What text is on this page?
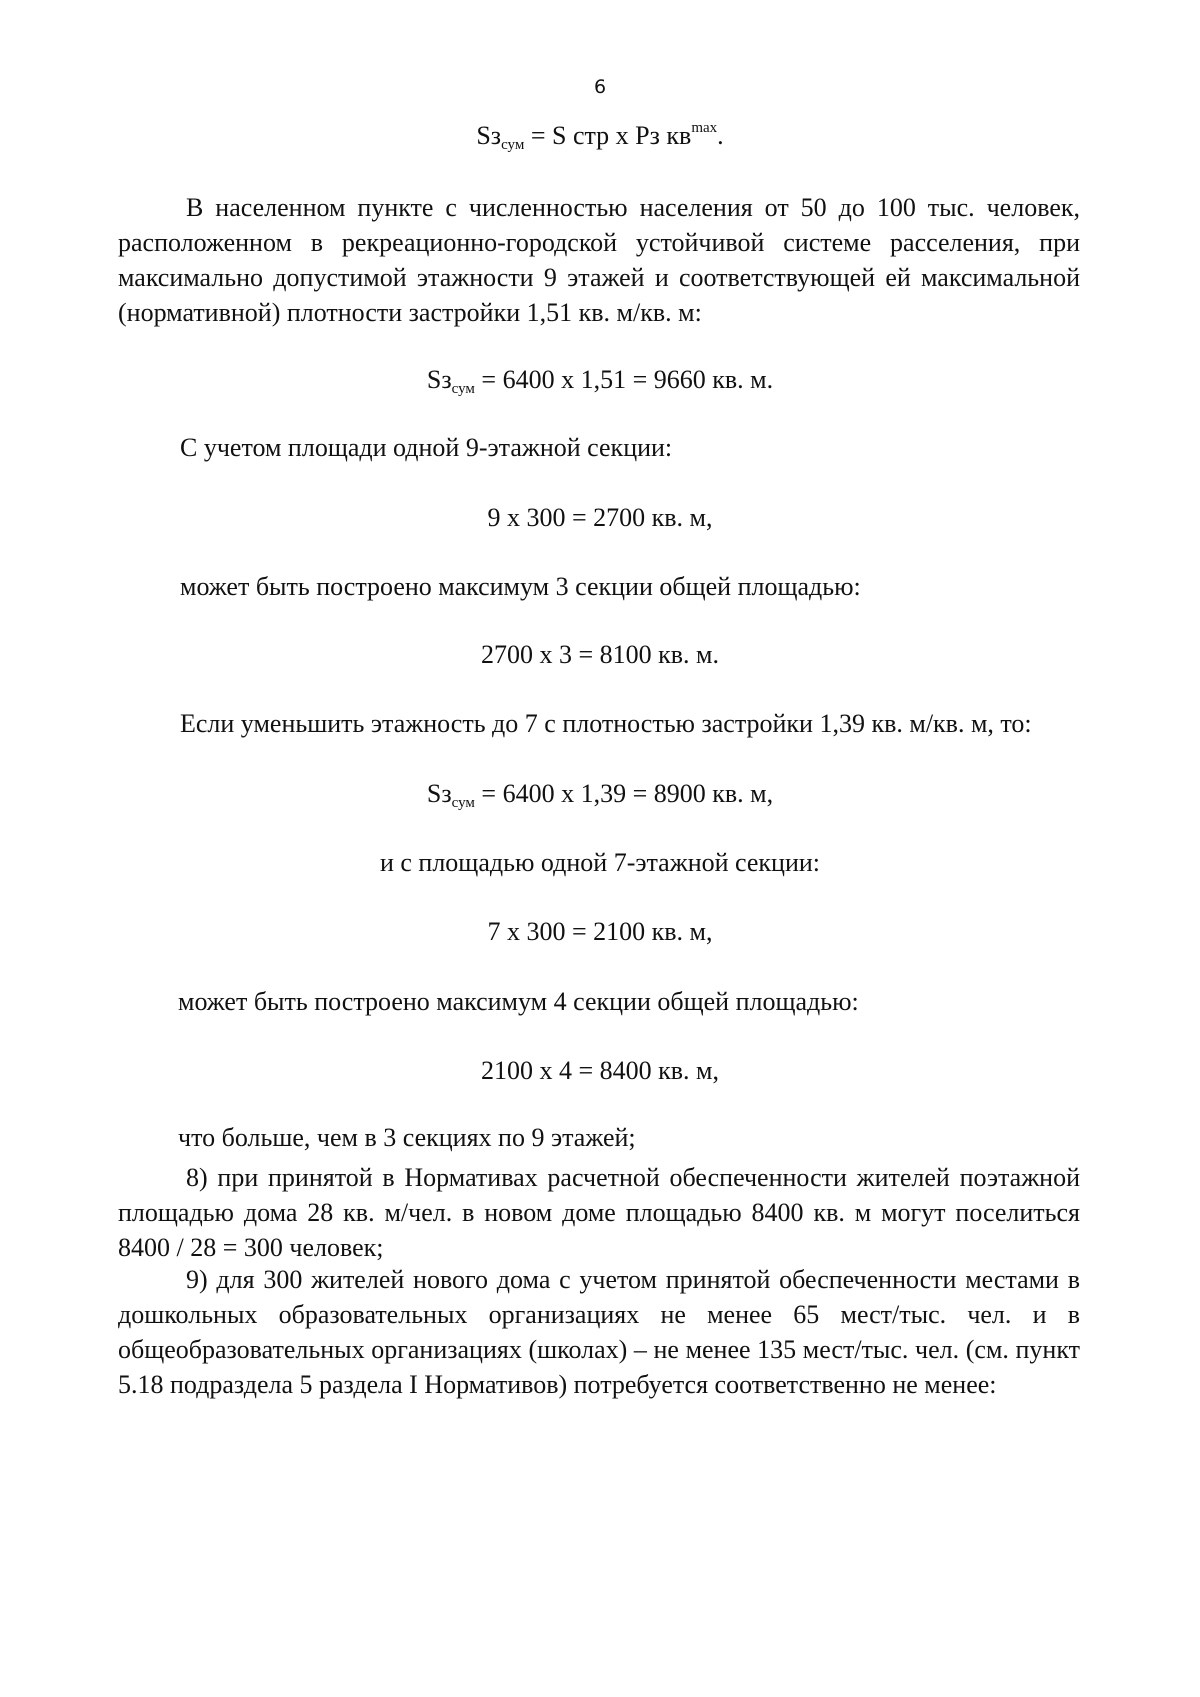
6
$Sз_{сум} = S$ стр х Рз $кв^{max}$.
В населенном пункте с численностью населения от 50 до 100 тыс. человек, расположенном в рекреационно-городской устойчивой системе расселения, при максимально допустимой этажности 9 этажей и соответствующей ей максимальной (нормативной) плотности застройки 1,51 кв. м/кв. м:
$Sз_{сум} = 6400$ х 1,51 = 9660 кв. м.
С учетом площади одной 9-этажной секции:
9 х 300 = 2700 кв. м,
может быть построено максимум 3 секции общей площадью:
2700 х 3 = 8100 кв. м.
Если уменьшить этажность до 7 с плотностью застройки 1,39 кв. м/кв. м, то:
$Sз_{сум} = 6400$ х 1,39 = 8900 кв. м,
и с площадью одной 7-этажной секции:
7 х 300 = 2100 кв. м,
может быть построено максимум 4 секции общей площадью:
2100 х 4 = 8400 кв. м,
что больше, чем в 3 секциях по 9 этажей;
8) при принятой в Нормативах расчетной обеспеченности жителей поэтажной площадью дома 28 кв. м/чел. в новом доме площадью 8400 кв. м могут поселиться 8400 / 28 = 300 человек;
9) для 300 жителей нового дома с учетом принятой обеспеченности местами в дошкольных образовательных организациях не менее 65 мест/тыс. чел. и в общеобразовательных организациях (школах) – не менее 135 мест/тыс. чел. (см. пункт 5.18 подраздела 5 раздела I Нормативов) потребуется соответственно не менее:
